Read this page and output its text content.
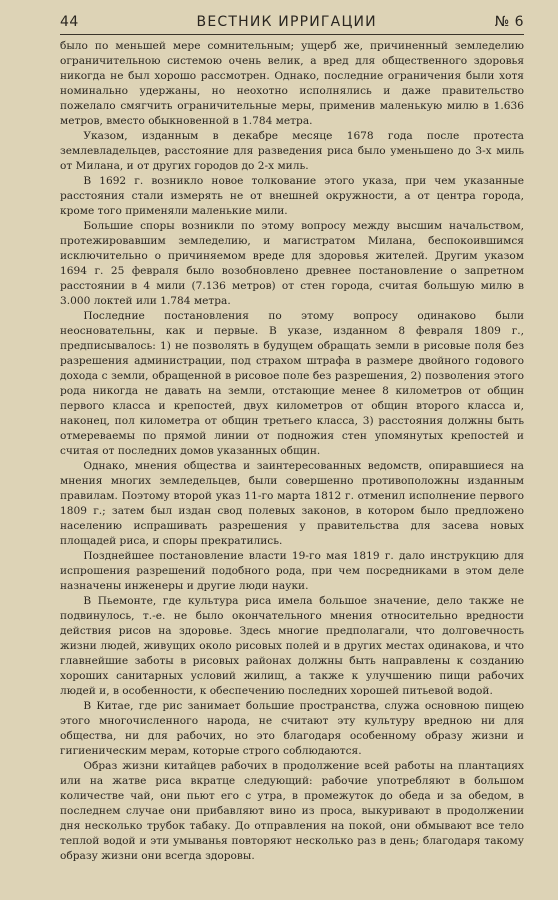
44	ВЕСТНИК ИРРИГАЦИИ	№ 6

было по меньшей мере сомнительным; ущерб же, причиненный земледелию ограничительною системою очень велик, а вред для общественного здоровья никогда не был хорошо рассмотрен. Однако, последние ограничения были хотя номинально удержаны, но неохотно исполнялись и даже правительство пожелало смягчить ограничительные меры, применив маленькую милю в 1.636 метров, вместо обыкновенной в 1.784 метра.

Указом, изданным в декабре месяце 1678 года после протеста землевладельцев, расстояние для разведения риса было уменьшено до 3-х миль от Милана, и от других городов до 2-х миль.

В 1692 г. возникло новое толкование этого указа, при чем указанные расстояния стали измерять не от внешней окружности, а от центра города, кроме того применяли маленькие мили.

Большие споры возникли по этому вопросу между высшим начальством, протежировавшим земледелию, и магистратом Милана, беспокоившимся исключительно о причиняемом вреде для здоровья жителей. Другим указом 1694 г. 25 февраля было возобновлено древнее постановление о запретном расстоянии в 4 мили (7.136 метров) от стен города, считая большую милю в 3.000 локтей или 1.784 метра.

Последние постановления по этому вопросу одинаково были неосновательны, как и первые. В указе, изданном 8 февраля 1809 г., предписывалось: 1) не позволять в будущем обращать земли в рисовые поля без разрешения администрации, под страхом штрафа в размере двойного годового дохода с земли, обращенной в рисовое поле без разрешения, 2) позволения этого рода никогда не давать на земли, отстающие менее 8 километров от общин первого класса и крепостей, двух километров от общин второго класса и, наконец, пол километра от общин третьего класса, 3) расстояния должны быть отмереваемы по прямой линии от подножия стен упомянутых крепостей и считая от последних домов указанных общин.

Однако, мнения общества и заинтересованных ведомств, опиравшиеся на мнения многих земледельцев, были совершенно противоположны изданным правилам. Поэтому второй указ 11-го марта 1812 г. отменил исполнение первого 1809 г.; затем был издан свод полевых законов, в котором было предложено населению испрашивать разрешения у правительства для засева новых площадей риса, и споры прекратились.

Позднейшее постановление власти 19-го мая 1819 г. дало инструкцию для испрошения разрешений подобного рода, при чем посредниками в этом деле назначены инженеры и другие люди науки.

В Пьемонте, где культура риса имела большое значение, дело также не подвинулось, т.-е. не было окончательного мнения относительно вредности действия рисов на здоровье. Здесь многие предполагали, что долговечность жизни людей, живущих около рисовых полей и в других местах одинакова, и что главнейшие заботы в рисовых районах должны быть направлены к созданию хороших санитарных условий жилищ, а также к улучшению пищи рабочих людей и, в особенности, к обеспечению последних хорошей питьевой водой.

В Китае, где рис занимает большие пространства, служа основною пищею этого многочисленного народа, не считают эту культуру вредною ни для общества, ни для рабочих, но это благодаря особенному образу жизни и гигиеническим мерам, которые строго соблюдаются.

Образ жизни китайцев рабочих в продолжение всей работы на плантациях или на жатве риса вкратце следующий: рабочие употребляют в большом количестве чай, они пьют его с утра, в промежуток до обеда и за обедом, в последнем случае они прибавляют вино из проса, выкуривают в продолжении дня несколько трубок табаку. До отправления на покой, они обмывают все тело теплой водой и эти умыванья повторяют несколько раз в день; благодаря такому образу жизни они всегда здоровы.
